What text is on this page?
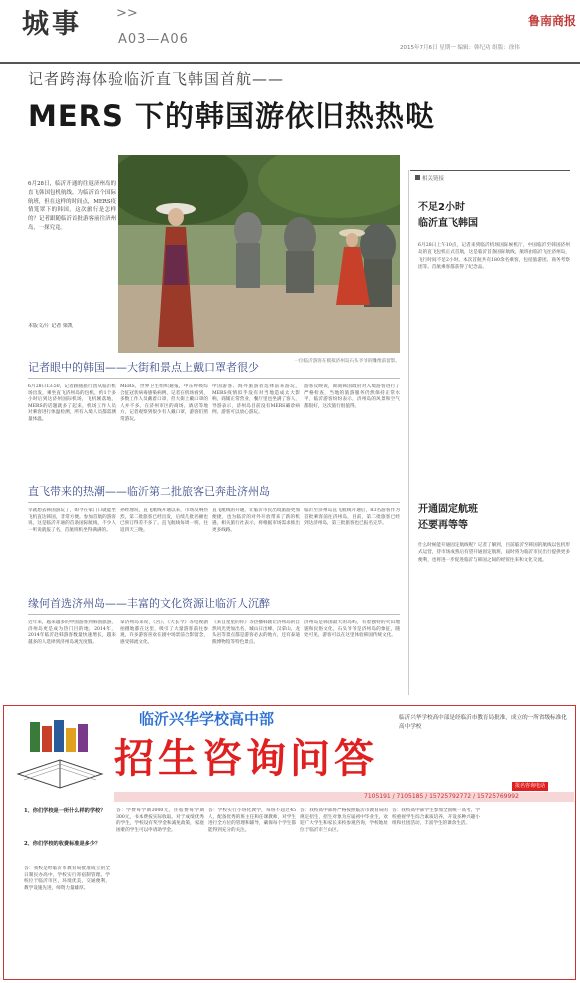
城事	>>
A03—A06
鲁南商报
2015年7月6日 星期一 编辑：韩纪功 组版：徐伟
记者跨海体验临沂直飞韩国首航——
MERS 下的韩国游依旧热热哒
6月28日，临沂开通的往返济州岛的直飞韩国包机航线，为临沂首个国际航班，但在这样的时间点，MERS疫情笼罩下的韩国，这次旅行是怎样的？记者跟随临沂首批游客前往济州岛，一探究竟。
本版文/片 记者 梁凯
一位临沂游客在模拟济州岛石头爷爷的雕像前留影。
相关链接
不足2小时
临沂直飞韩国
6月28日上午10点，记者来到临沂机场国际候机厅，中国临沂至韩国济州岛的直飞包机正式首航，这是临沂首条国际航线，航班由临沂飞往济州岛，飞行时间不足2小时。本次首航共有180余名乘客，包括旅游团、商务考察团等。首航乘客都获得了纪念品。
开通固定航班
还要再等等
什么时候能开通固定航线呢？记者了解到，目前临沂至韩国的航线以包机形式运营，待市场成熟后有望开通固定航班，届时将为临沂市民出行提供更多便利，也将进一步促进临沂与韩国之间的经贸往来和文化交流。
记者眼中的韩国——大街和景点上戴口罩者很少
6月28日13:50，记者跟随旅行团从临沂机场出发，乘坐直飞济州岛的包机，约1个多小时后到达济州国际机场，飞机刚落地，MERS的话题就多了起来，机场工作人员对乘客进行体温检测，所有入境人员都需测量体温。
MERS，世界卫生组织通报，中东呼吸综合征冠状病毒感染病例，记者在机场看到，多数工作人员戴着口罩，但大街上戴口罩的人并不多。在济州市区的商场、酒店等地方，记者观察到很少有人戴口罩，游客们照常游玩。
中国游客、海外旅游者选择前来游玩，MERS疫情似乎没有对当地造成太大影响，商铺正常营业，餐厅里也坐满了客人，导游表示，济州岛目前没有MERS确诊病例，游客可以放心游玩。
游客反映说，期间韩国政府对入境游客进行了严格检查，当地的旅游服务仍然保持正常水平，临沂游客纷纷表示，济州岛的风景和空气都很好，这次旅行很值得。
直飞带来的热潮——临沂第二批旅客已奔赴济州岛
早就想去韩国游玩了，如今在家门口就能坐飞机直达韩国，非常方便。参加首航的游客说，这是临沂开通的首条国际航线，不少人一听说就报了名，首航班机坐得满满的。
孙经理说，直飞航线开通以来，市场反响热烈，第二批旅客已经出发，后续几批名额也已预订得差不多了。直飞航线每周一班，往返四天三晚。
直飞航线的开通，让临沂市民出境旅游更加便捷，也为临沂的对外开放带来了新的机遇，相关旅行社表示，将根据市场需求推出更多线路。
临沂至济州岛直飞航线开通后，83名游客作为首批乘客前往济州岛，目前，第二批旅客已经到达济州岛，第三批旅客也已报名完毕。
缘何首选济州岛——丰富的文化资源让临沂人沉醉
近年来，越来越多的中国游客到韩国旅游，济州岛更是成为热门目的地，2014年，2014年临沂赴韩游客数量快速增长，越来越多的人选择到济州岛观光度假。
拿济州岛来说，《宫》、《大长今》等电视剧拍摄地都在这里，吸引了大量游客前往参观，许多游客喜欢在剧中场景前合影留念，感受韩流文化。
《来自星星的你》等热播韩剧让济州岛的自然风光更加出名，城山日出峰、汉拿山、龙头岩等景点都是游客必去的地方，还有泰迪熊博物馆等特色景点。
济州岛是韩国最大的岛屿，有着独特的火山地貌和民俗文化，石头爷爷是济州岛的象征，随处可见，游客可以在这里体验韩国传统文化。
临沂兴华学校高中部
招生咨询问答
临沂兴华学校高中部是经临沂市教育局批准，成立的一所省级标准化高中学校
报名咨询电话
7105191 / 7105185 / 15725792772 / 15725769992
1、你们学校是一所什么样的学校？
2、你们学校的收费标准是多少？
答：我校是经临沂市教育局批准成立的全日制民办高中，学校实行寄宿制管理。学校位于临沂市区，环境优美，交通便利，教学设施先进，师资力量雄厚。
答：学费每学期3000元，住宿费每学期300元，书本费按实际收取。对于成绩优秀的学生，学校设有奖学金和减免政策，家庭困难的学生可以申请助学金。
答：学校实行小班化教学，每班不超过45人，配备优秀的班主任和任课教师，对学生进行全方位的管理和辅导，确保每个学生都能得到充分的关注。
答：我校高中部将严格按照临沂市教育局的规定招生，招生对象为应届初中毕业生，欢迎广大学生和家长来校参观咨询，学校地址位于临沂市兰山区。
答：我校高中部学生参加全国统一高考，学校重视学生综合素质培养，开设多种兴趣小组和社团活动，丰富学生的课余生活。
